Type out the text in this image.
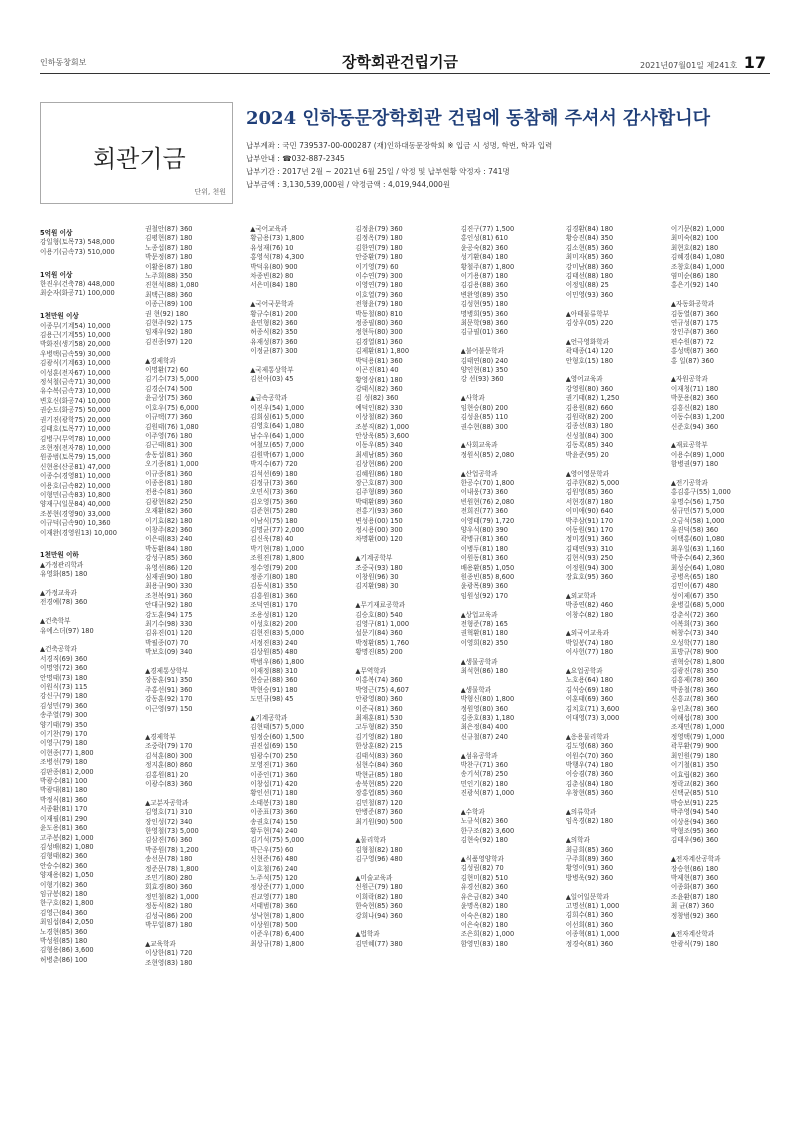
인하동창회보	장학회관건립기금	2021년07월01일 제241호 17
회관기금
단위, 천원
2024 인하동문장학회관 건립에 동참해 주셔서 감사합니다
납부계좌 : 국민 739537-00-000287 (재)인하대동문장학회 ※ 입금 시 성명, 학번, 학과 입력
납부안내 : ☎032-887-2345
납부기간 : 2017년 2월 ~ 2021년 6월 25일 / 약정 및 납부현황 약정자 : 741명
납부금액 : 3,130,539,000원 / 약정금액 : 4,019,944,000원
5억원 이상
강일형(토목73) 548,000
이용기(금속73) 510,000
1억원 이상
한진우(건축78) 448,000
최순자(화공71) 100,000
1천만원 이상
이종무(기계54) 10,000
김용근(기계55) 10,000
박화진(생기58) 20,000
우병택(금속59) 30,000
김광식(기계63) 10,000
이성훈(전자67) 10,000
정석철(금속71) 30,000
유수복(금속73) 10,000
변호신(화공74) 10,000
권순도(화공75) 50,000
권기진(광학75) 20,000
김태호(토목77) 10,000
김병구(무역78) 10,000
조현정(전자78) 10,000
원종범(토목79) 15,000
신현용(산공81) 47,000
이종수(경영81) 10,000
이용호(금속82) 10,000
이형민(금속83) 10,800
양재구(일문84) 40,000
조봉현(경영90) 33,000
이규덕(금속90) 10,360
이재완(경영원13) 10,000
1천만원 이하
▲가정관리학과
유영화(85) 180
▲가정교육과
전경예(78) 360
▲건축학부
유에스더(97) 180
▲건축공학과
서경직(69) 360
이명영(72) 360
안명태(73) 180
이원식(73) 115
강신구(79) 180
김성민(79) 360
송주열(79) 300
양기태(79) 350
이기찬(79) 170
이영구(79) 180
이현종(77) 1,800
조병선(79) 180
김판종(81) 2,000
박광수(81) 100
박광대(81) 180
박정식(81) 360
서종환(81) 170
이재필(81) 290
윤도용(81) 360
고주봉(82) 1,000
김성배(82) 1,080
김형태(82) 360
안승수(82) 360
양재용(82) 1,050
이형기(82) 360
임규봉(82) 180
한구호(82) 1,800
김영근(84) 360
최임섭(84) 2,050
노경현(85) 360
박성원(85) 180
김형용(86) 3,600
허병춘(86) 100
권철안(87) 360
김평현(87) 180
노종섭(87) 180
박문정(87) 180
이활용(87) 180
노주희(88) 350
진현석(88) 1,080
최택근(88) 360
이종근(89) 100
권 현(92) 180
김현주(92) 175
임재우(92) 180
김진종(97) 120
▲경제학과
이명환(72) 60
김기수(73) 5,000
김경순(74) 500
윤금상(75) 360
이호우(75) 6,000
이규택(77) 360
김원태(76) 1,080
이주영(76) 180
김근태(81) 300
송동섭(81) 360
오기종(81) 1,000
이규종(81) 360
이종용(81) 180
전용수(81) 360
김광현(82) 250
오재환(82) 360
이기효(82) 180
이창주(82) 360
이은태(83) 240
박동환(84) 180
강성구(85) 360
유영선(86) 120
심재권(90) 180
최용규(90) 330
조천복(91) 360
안대규(92) 180
강도훈(94) 175
최기수(98) 330
김유진(01) 120
박필종(07) 70
박보호(09) 340
▲경제통상학부
장동훈(91) 350
주홍선(91) 360
강동훈(92) 170
이근영(97) 150
▲경제학부
조중락(79) 170
김석훈(80) 300
정지훈(80) 860
김홍원(81) 20
이광수(83) 360
▲고분자공학과
김영호(71) 310
장인성(72) 340
한영철(73) 5,000
김삼진(76) 360
박종원(78) 1,200
송선문(78) 180
정준문(78) 1,800
조민기(80) 280
회효경(80) 360
정민철(82) 1,000
정동식(82) 180
김성국(86) 200
박무일(87) 180
▲교육학과
이상한(81) 720
조현영(83) 180
▲국어교육과
황금용(73) 1,800
유성재(76) 10
홍영석(78) 4,300
박덕유(80) 900
차종빈(82) 80
서은미(84) 180
▲국어국문학과
황규수(81) 200
윤민형(82) 360
허종식(82) 350
유재성(87) 360
이정균(87) 300
▲국제통상학부
김선아(03) 45
▲금속공학과
이진우(54) 1,000
김희심(61) 5,000
김영호(64) 1,080
남수우(64) 1,000
여철모(65) 7,000
김원박(67) 1,000
박지수(67) 720
김석선(69) 180
김정규(73) 360
오민식(73) 360
김오영(75) 360
김준현(75) 280
이남식(75) 180
김명균(77) 2,000
김신욱(78) 40
박기현(78) 1,000
조원진(78) 1,800
정수영(79) 200
정종기(80) 180
김동식(81) 350
김흥원(81) 360
조덕연(81) 170
조용성(81) 120
이성호(82) 200
김현진(83) 5,000
서정진(83) 240
김상원(85) 480
박범우(86) 1,800
이재정(88) 310
현승균(88) 360
박현승(91) 180
도민규(98) 45
▲기계공학과
김현태(57) 5,000
임정순(60) 1,500
권진섭(69) 150
임광수(70) 250
모영진(71) 360
이종인(71) 360
이창섭(71) 420
황인선(71) 180
소태봉(73) 180
이종표(73) 360
송권호(74) 150
황두현(74) 240
김기석(75) 5,000
박근우(75) 60
신현준(76) 480
이호철(76) 240
노주석(75) 120
정상준(77) 1,000
진교영(77) 180
서태범(78) 360
성낙현(78) 1,800
이상원(78) 500
이준우(78) 6,400
최상규(78) 1,800
김정윤(79) 360
김정옥(79) 180
김한연(79) 180
안중환(79) 180
이기영(79) 60
이수연(79) 300
이영연(79) 180
이호열(79) 360
전형윤(79) 180
박동철(80) 810
정종필(80) 360
정현득(80) 300
김경열(81) 360
김제환(81) 1,800
박덕용(81) 360
이곤진(81) 40
황영상(81) 180
강태식(82) 360
김 성(82) 360
예덕인(82) 330
이상철(82) 360
조봉직(82) 1,000
안상욱(85) 3,600
이동우(85) 340
최세남(85) 360
김상현(86) 200
김혜원(86) 180
장근호(87) 300
김주형(89) 360
박태환(89) 360
전홍기(93) 360
변성용(00) 150
정시용(00) 300
차명환(00) 120
▲기계공학부
조중국(93) 180
이창원(96) 30
김지환(98) 30
▲무기재료공학과
김승호(80) 540
김영구(81) 1,000
설문기(84) 360
박정환(85) 1,760
황명진(85) 200
▲무역학과
이홍복(74) 360
박영근(75) 4,607
안광영(80) 360
이준국(81) 360
최재훈(81) 530
고두형(82) 350
김기영(82) 180
한상훈(82) 215
김태석(83) 360
심현수(84) 360
박현균(85) 180
송북현(85) 220
장홍엽(85) 360
김민철(87) 120
안병준(87) 360
최기원(90) 500
▲물리학과
김형철(82) 180
김구영(96) 480
▲미술교육과
신원근(79) 180
이희락(82) 180
한숙현(85) 360
강희나(94) 360
▲법학과
김민혜(77) 380
김진구(77) 1,500
홍인성(81) 610
윤공숙(82) 360
성기환(84) 180
황철주(87) 1,800
이기용(87) 180
김김용(88) 360
변완영(89) 350
김성현(95) 180
명병희(95) 360
최문학(98) 360
김규필(01) 360
▲불어불문학과
김태연(80) 240
양인현(81) 350
강 선(93) 360
▲사학과
임현승(80) 200
김성윤(85) 110
권수현(88) 300
▲사회교육과
정원식(85) 2,080
▲산업공학과
한공수(70) 1,800
이내웅(73) 360
빈원현(76) 2,080
전희진(77) 360
이영태(79) 1,720
양우석(80) 390
곽병규(81) 360
이병두(81) 180
이원동(81) 360
배용환(85) 1,050
원종빈(85) 8,600
윤광목(89) 360
임원성(92) 170
▲상업교육과
전형준(78) 165
권혁환(81) 180
이영희(82) 350
▲생물공학과
최석현(86) 180
▲생물학과
박형신(80) 1,800
정원영(80) 360
김종호(83) 1,180
최은정(84) 400
신규철(87) 240
▲섬유공학과
박찬구(71) 360
송기석(78) 250
민인기(82) 180
진광석(87) 1,000
▲수학과
노규석(82) 360
한구조(82) 3,600
김현숙(92) 180
▲식품영양학과
김성림(82) 70
김현미(82) 510
유경선(82) 360
유은금(82) 340
윤명옥(82) 180
이숙은(82) 180
이은숙(82) 180
조은희(82) 1,000
함영민(83) 180
김경환(84) 180
황승진(84) 350
김소현(85) 360
최미자(85) 360
강미남(88) 360
김태선(88) 180
이정임(88) 25
이민영(93) 360
▲아태물류학부
김상우(05) 220
▲언극영화학과
곽태종(14) 120
안형호(15) 180
▲영어교육과
강영원(80) 360
권기태(82) 1,250
김용원(82) 660
김원락(82) 200
김종선(83) 180
신성철(84) 300
김동록(85) 340
박윤준(95) 20
▲영어영문학과
김주한(82) 5,000
김원영(85) 360
서현경(87) 180
이미애(90) 640
박주삼(91) 170
이동원(91) 170
정미경(91) 360
김태연(93) 310
김현식(93) 250
이정원(94) 300
장효호(95) 360
▲외교학과
박종연(82) 460
이창수(82) 180
▲외국어교육과
박일봉(74) 180
이사헌(77) 180
▲요업공학과
노호용(64) 180
김석승(69) 180
이훈태(69) 360
김치호(71) 3,600
이대영(73) 3,000
▲응용물리학과
김도영(68) 360
이원수(70) 360
박행우(74) 180
이승겸(78) 360
김춘심(84) 180
우창현(85) 360
▲의류학과
임옥경(82) 180
▲의학과
최금희(85) 360
구주희(89) 360
황영이(91) 360
방병욱(92) 360
▲일어일문학과
고명선(81) 1,000
김희수(81) 360
이선희(81) 360
이종혁(81) 1,000
정경숙(81) 360
이기문(82) 1,000
최미숙(82) 100
최현호(82) 180
김혜경(84) 1,080
조창호(84) 1,000
염미순(86) 180
홍은기(92) 140
▲자동화공학과
김동열(87) 360
연규성(87) 175
장인주(87) 360
편수원(87) 72
홍성택(87) 360
홍 일(87) 360
▲자원공학과
이재청(71) 180
박문용(82) 360
김흥신(82) 180
이동수(83) 1,200
신준호(94) 360
▲재료공학부
이용수(89) 1,000
함병권(97) 180
▲전기공학과
홍김홍구(55) 1,000
유명수(56) 1,750
심규민(57) 5,000
오금석(58) 1,000
유진덕(58) 360
이택홍(60) 1,080
최우일(63) 1,160
박종수(64) 2,360
최성순(64) 1,080
공병옥(65) 180
김민이(67) 480
성이제(67) 350
윤병길(68) 5,000
강춘식(72) 360
이복희(73) 360
허창수(73) 340
오성학(77) 180
표방규(78) 900
권혁승(78) 1,800
김광진(78) 350
김흥제(78) 360
박종철(78) 360
신흥교(78) 360
유인초(78) 360
이해섭(78) 300
조재민(78) 1,000
정영택(79) 1,000
곽무환(79) 900
최인원(79) 180
이기철(81) 350
이효립(82) 360
정락교(82) 360
신택균(85) 510
박승보(91) 225
박주영(94) 540
이상용(94) 360
박형조(95) 360
김태우(96) 360
▲전자계산공학과
장승헌(86) 180
박제현(87) 360
이종화(87) 360
조윤환(87) 180
최 균(87) 360
정창범(92) 360
▲전자계산학과
안광식(79) 180
